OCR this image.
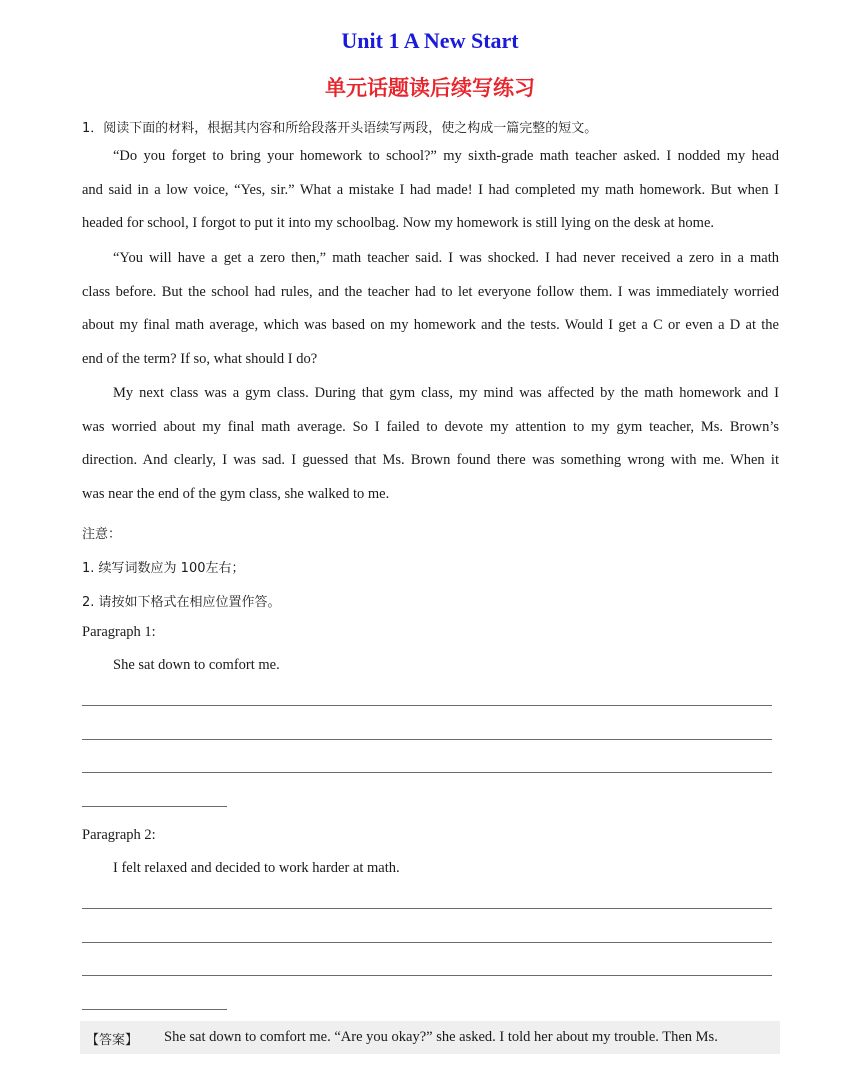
Unit 1 A New Start
单元话题读后续写练习
1．阅读下面的材料，根据其内容和所给段落开头语续写两段，使之构成一篇完整的短文。
“Do you forget to bring your homework to school?” my sixth-grade math teacher asked. I nodded my head
and said in a low voice, “Yes, sir.” What a mistake I had made! I had completed my math homework. But when I
headed for school, I forgot to put it into my schoolbag. Now my homework is still lying on the desk at home.
“You will have a get a zero then,” math teacher said. I was shocked. I had never received a zero in a math
class before. But the school had rules, and the teacher had to let everyone follow them. I was immediately worried
about my final math average, which was based on my homework and the tests. Would I get a C or even a D at the
end of the term? If so, what should I do?
My next class was a gym class. During that gym class, my mind was affected by the math homework and I
was worried about my final math average. So I failed to devote my attention to my gym teacher, Ms. Brown’s
direction. And clearly, I was sad. I guessed that Ms. Brown found there was something wrong with me. When it
was near the end of the gym class, she walked to me.
注意：
1. 续写词数应为 100左右；
2. 请按如下格式在相应位置作答。
Paragraph 1:
She sat down to comfort me.
Paragraph 2:
I felt relaxed and decided to work harder at math.
【答案】 She sat down to comfort me. “Are you okay?” she asked. I told her about my trouble. Then Ms.
